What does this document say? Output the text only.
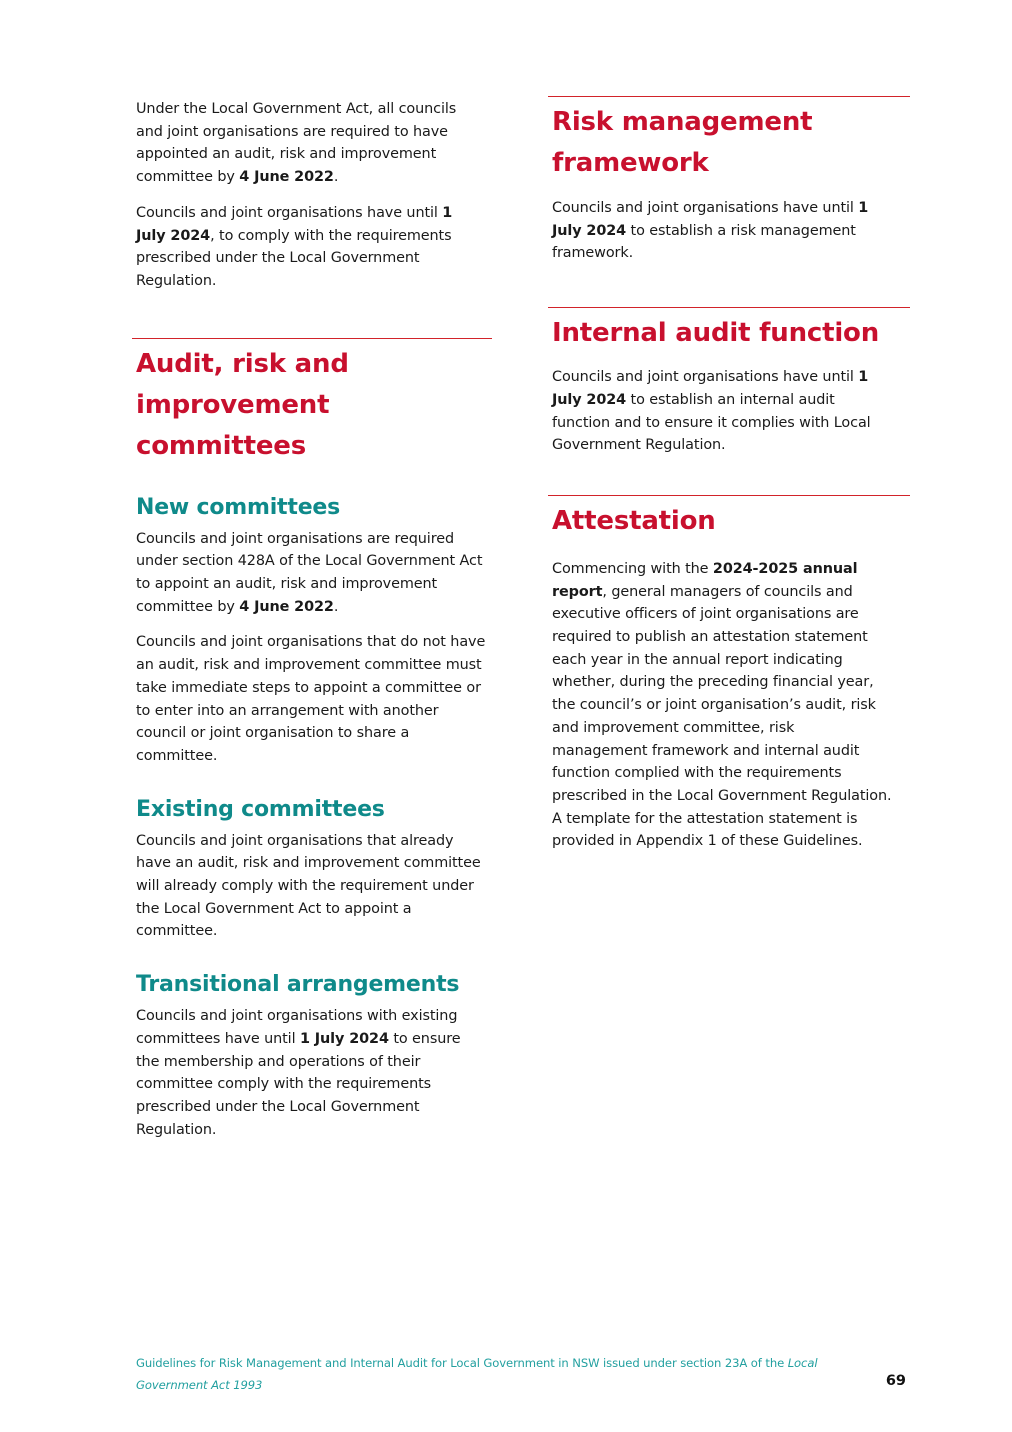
Under the Local Government Act, all councils and joint organisations are required to have appointed an audit, risk and improvement committee by 4 June 2022.

Councils and joint organisations have until 1 July 2024, to comply with the requirements prescribed under the Local Government Regulation.

Audit, risk and improvement committees
New committees

Councils and joint organisations are required under section 428A of the Local Government Act to appoint an audit, risk and improvement committee by 4 June 2022.

Councils and joint organisations that do not have an audit, risk and improvement committee must take immediate steps to appoint a committee or to enter into an arrangement with another council or joint organisation to share a committee.

Existing committees

Councils and joint organisations that already have an audit, risk and improvement committee will already comply with the requirement under the Local Government Act to appoint a committee.

Transitional arrangements

Councils and joint organisations with existing committees have until 1 July 2024 to ensure the membership and operations of their committee comply with the requirements prescribed under the Local Government Regulation.

Risk management
framework

Councils and joint organisations have until 1 July 2024 to establish a risk management framework.

Internal audit function

Councils and joint organisations have until 1 July 2024 to establish an internal audit function and to ensure it complies with Local Government Regulation.

Attestation

Commencing with the 2024-2025 annual report, general managers of councils and executive officers of joint organisations are required to publish an attestation statement each year in the annual report indicating whether, during the preceding financial year, the council’s or joint organisation’s audit, risk and improvement committee, risk management framework and internal audit function complied with the requirements prescribed in the Local Government Regulation. A template for the attestation statement is provided in Appendix 1 of these Guidelines.

Guidelines for Risk Management and Internal Audit for Local Government in NSW issued under section 23A of the Local Government Act 1993	69
